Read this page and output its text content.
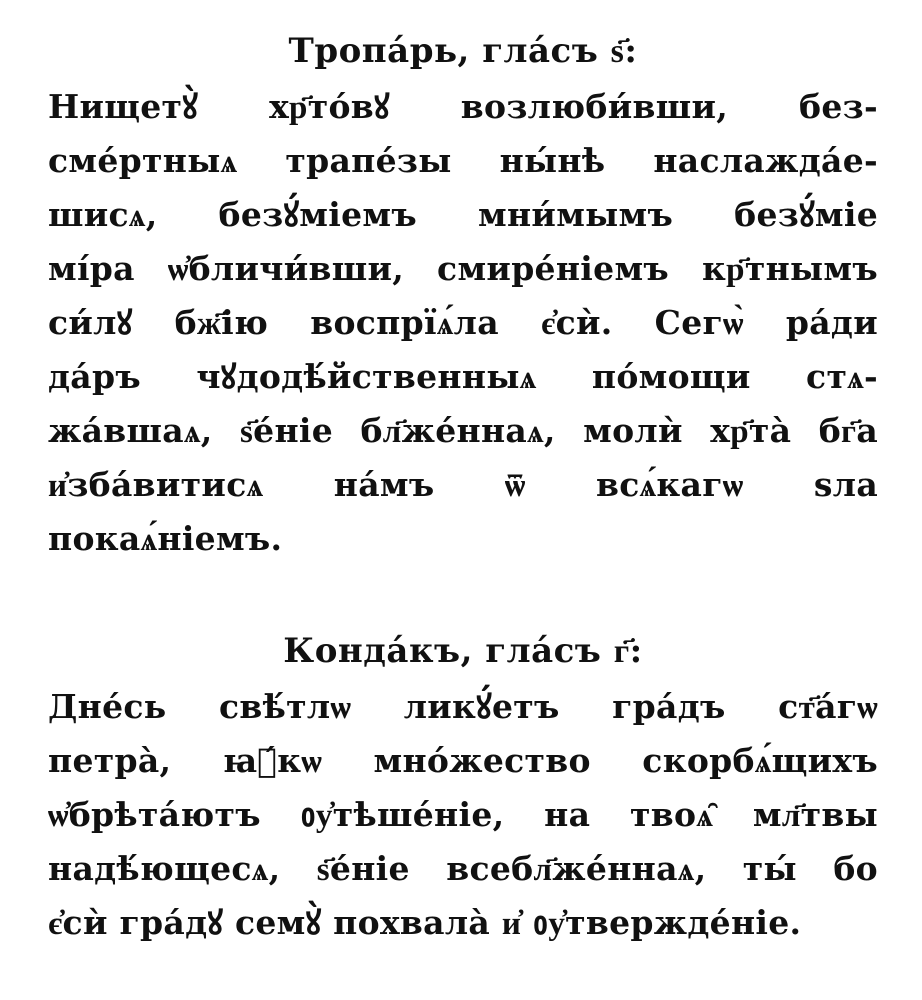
Тропа́рь, гла́съ ѕ҃:
Нищетꙋ̀ хр҃то́вꙋ возлюби́вши, без-
сме́ртныѧ трапе́зы ны́нѣ наслажда́е-
шисѧ, безꙋ́міемъ мни́мымъ безꙋ́міе
мі́ра ѡ҆бличи́вши, смире́ніемъ кр҃тнымъ
си́лꙋ бж҃ію воспрїѧ́ла є҆сѝ. Сегѡ̀ ра́ди
да́ръ чꙋдодѣ́йственныѧ по́мощи стѧ-
жа́вшаѧ, ѕ҃е́ніе бл҃же́ннаѧ, молѝ хр҃та̀ бг҃а
и҆зба́витисѧ на́мъ ѿ всѧ́кагѡ ѕла
покаѧ́ніемъ.
Конда́къ, гла́съ г҃:
Дне́сь свѣ́тлѡ ликꙋ́етъ гра́дъ ст҃а́гѡ
петра̀, ꙗ҆́кѡ мно́жество скорбѧ́щихъ
ѡ҆брѣта́ютъ ᲂу҆тѣше́ніе, на твоѧ̑ мл҃твы
надѣ́ющесѧ, ѕ҃е́ніе всебл҃же́ннаѧ, ты́ бо
є҆сѝ гра́дꙋ семꙋ̀ похвала̀ и҆ ᲂу҆твержде́ніе.
